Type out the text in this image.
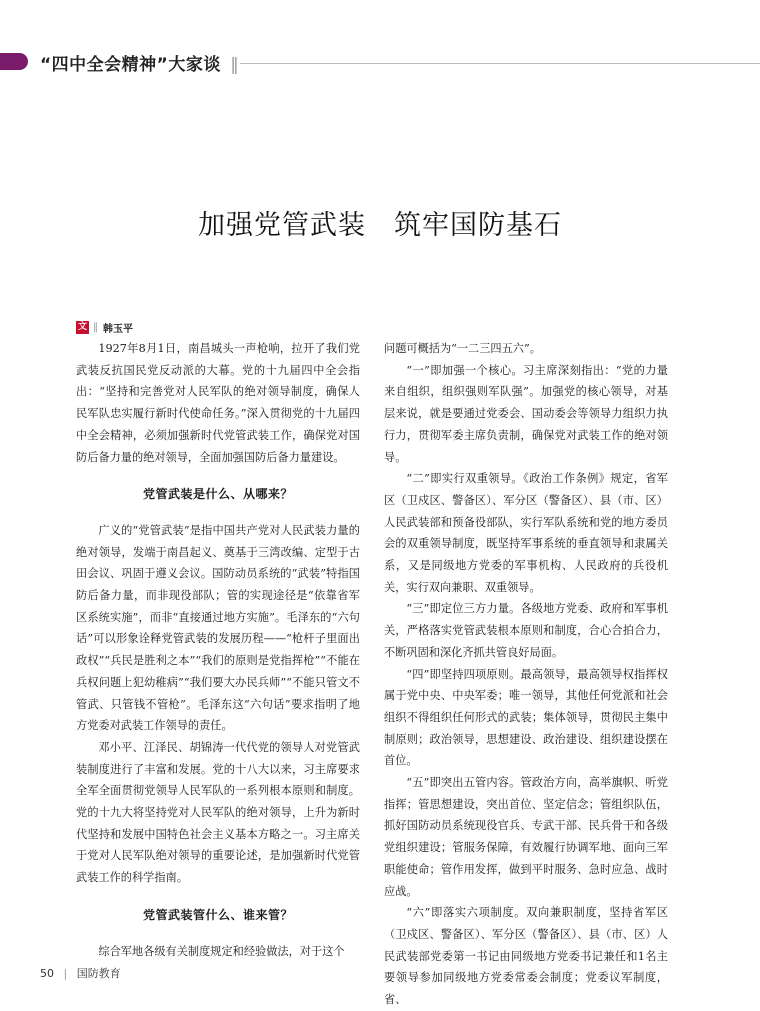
“四中全会精神”大家谈 ‖
加强党管武装　筑牢国防基石
文 ‖ 韩玉平

1927年8月1日，南昌城头一声枪响，拉开了我们党武装反抗国民党反动派的大幕。党的十九届四中全会指出：“坚持和完善党对人民军队的绝对领导制度，确保人民军队忠实履行新时代使命任务。”深入贯彻党的十九届四中全会精神，必须加强新时代党管武装工作，确保党对国防后备力量的绝对领导，全面加强国防后备力量建设。

党管武装是什么、从哪来？

广义的“党管武装”是指中国共产党对人民武装力量的绝对领导，发端于南昌起义、奠基于三湾改编、定型于古田会议、巩固于遵义会议。国防动员系统的“武装”特指国防后备力量，而非现役部队；管的实现途径是“依靠省军区系统实施”，而非“直接通过地方实施”。毛泽东的“六句话”可以形象诠释党管武装的发展历程——“枪杆子里面出政权”“兵民是胜利之本”“我们的原则是党指挥枪”“不能在兵权问题上犯幼稚病”“我们要大办民兵师”“不能只管文不管武、只管钱不管枪”。毛泽东这“六句话”要求指明了地方党委对武装工作领导的责任。

邓小平、江泽民、胡锦涛一代代党的领导人对党管武装制度进行了丰富和发展。党的十八大以来，习主席要求全军全面贯彻党领导人民军队的一系列根本原则和制度。党的十九大将坚持党对人民军队的绝对领导，上升为新时代坚持和发展中国特色社会主义基本方略之一。习主席关于党对人民军队绝对领导的重要论述，是加强新时代党管武装工作的科学指南。

党管武装管什么、谁来管？

综合军地各级有关制度规定和经验做法，对于这个

问题可概括为“一二三四五六”。

“一”即加强一个核心。习主席深刻指出：“党的力量来自组织，组织强则军队强”。加强党的核心领导，对基层来说，就是要通过党委会、国动委会等领导力组织力执行力，贯彻军委主席负责制，确保党对武装工作的绝对领导。

“二”即实行双重领导。《政治工作条例》规定，省军区（卫戍区、警备区）、军分区（警备区）、县（市、区）人民武装部和预备役部队，实行军队系统和党的地方委员会的双重领导制度，既坚持军事系统的垂直领导和隶属关系，又是同级地方党委的军事机构、人民政府的兵役机关，实行双向兼职、双重领导。

“三”即定位三方力量。各级地方党委、政府和军事机关，严格落实党管武装根本原则和制度，合心合拍合力，不断巩固和深化齐抓共管良好局面。

“四”即坚持四项原则。最高领导，最高领导权指挥权属于党中央、中央军委；唯一领导，其他任何党派和社会组织不得组织任何形式的武装；集体领导，贯彻民主集中制原则；政治领导，思想建设、政治建设、组织建设摆在首位。

“五”即突出五管内容。管政治方向，高举旗帜、听党指挥；管思想建设，突出首位、坚定信念；管组织队伍，抓好国防动员系统现役官兵、专武干部、民兵骨干和各级党组织建设；管服务保障，有效履行协调军地、面向三军职能使命；管作用发挥，做到平时服务、急时应急、战时应战。

“六”即落实六项制度。双向兼职制度，坚持省军区（卫戍区、警备区）、军分区（警备区）、县（市、区）人民武装部党委第一书记由同级地方党委书记兼任和1名主要领导参加同级地方党委常委会制度；党委议军制度，省、

50 | 国防教育
